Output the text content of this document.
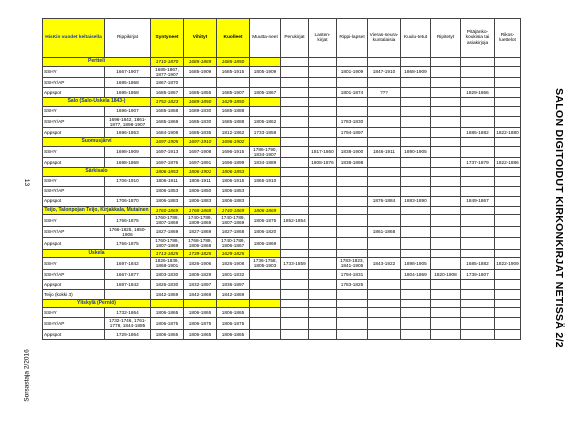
HisKin vuodet keltaisella	Rippikirjat	Syntyneet	Vihityt	Kuolleet	Muutta-neet	Perukirjat	Lasten-kirjat	Rippi-lapset	Vieras-seura-kuntalaisia	Kuulu-tetut	Ripitetyt	Pitäjänko-koukisia tai asiakirjoja	Rikos-luettelot
Pertteli		1710-1870	1685-1869	1685-1850									
SSHY	1667-1907	1685-1867, 1877-1907	1685-1909	1685-1915	1805-1909			1801-1909	1847-1910	1868-1909			
SSHY/AP	1695-1868	1867-1870											
Appspot	1695-1868	1685-1867	1685-1855	1685-1907	1805-1867			1801-1874	???			1829-1866	
Salo (Salo-Uskela 1843-)		1752-1823	1689-1850	1629-1850									
SSHY	1696-1907	1685-1868	1689-1830	1685-1888									
SSHY/AP	1696-1842, 1861-1877, 1898-1907	1685-1868	1685-1830	1685-1888	1805-1862			1783-1830					
Appspot	1696-1863	1684-1908	1685-1835	1812-1862	1733-1858			1794-1897				1685-1882	1822-1880
Suomusjärvi		1697-1905	1697-1910	1696-1902									
SSHY	1698-1909	1697-1913	1697-1908	1696-1915	1786-1790, 1834-1907		1817-1860	1838-1900	1846-1911	1890-1905			
Appspot	1698-1869	1697-1876	1697-1891	1696-1899	1834-1889		1808-1876	1838-1898				1737-1879	1822-1886
Särkisalo		1806-1853	1806-1901	1806-1853									
SSHY	1706-1910	1806-1911	1806-1911	1806-1915	1865-1910								
SSHY/AP		1806-1853	1806-1850	1806-1853									
Appspot	1706-1870	1806-1883	1806-1883	1806-1883					1876-1884	1883-1890		1849-1867	
Teijo, Talonpojan Teijo, Kirjakkala, Mutainen		1760-1869	1768-1868	1740-1869	1806-1869								
SSHY	1766-1875	1760-1789, 1807-1869	1740-1789, 1809-1869	1740-1789, 1807-1869	1806-1875	1852-1854							
SSHY/AP	1766-1825, 1850-1906	1827-1869	1827-1869	1827-1868	1806-1820				1861-1868				
Appspot	1766-1875	1760-1789, 1807-1869	1768-1789, 1806-1868	1740-1789, 1806-1867	1806-1869								
Uskela		1713-1825	1739-1825	1629-1825									
SSHY	1697-1842	1826-1839, 1868-1901	1826-1906	1826-1908	1736-1758, 1805-1903	1733-1859		1783-1823, 1841-1905	1843-1922	1898-1905		1685-1882	1822-1909
SSHY/AP	1667-1877	1803-1830	1805-1829	1801-1832				1794-1831		1804-1869	1820-1908	1739-1807	
Appspot	1697-1842	1826-1830	1832-1897	1836-1897				1783-1825					
Teijo (kokki 3)		1842-1869	1842-1869	1842-1869									
Yliskylä (Perniö)													
SSHY	1732-1864	1806-1865	1806-1865	1806-1865									
SSHY/AP	1732-1746, 1761-1778, 1844-1885	1806-1875	1806-1875	1806-1875									
Appspot	1729-1864	1806-1865	1806-1865	1806-1865										SALON DIGITOIDUT KIRKONKIRJAT NETISSÄ 2/2
13
Sorsastaja 2/2016
